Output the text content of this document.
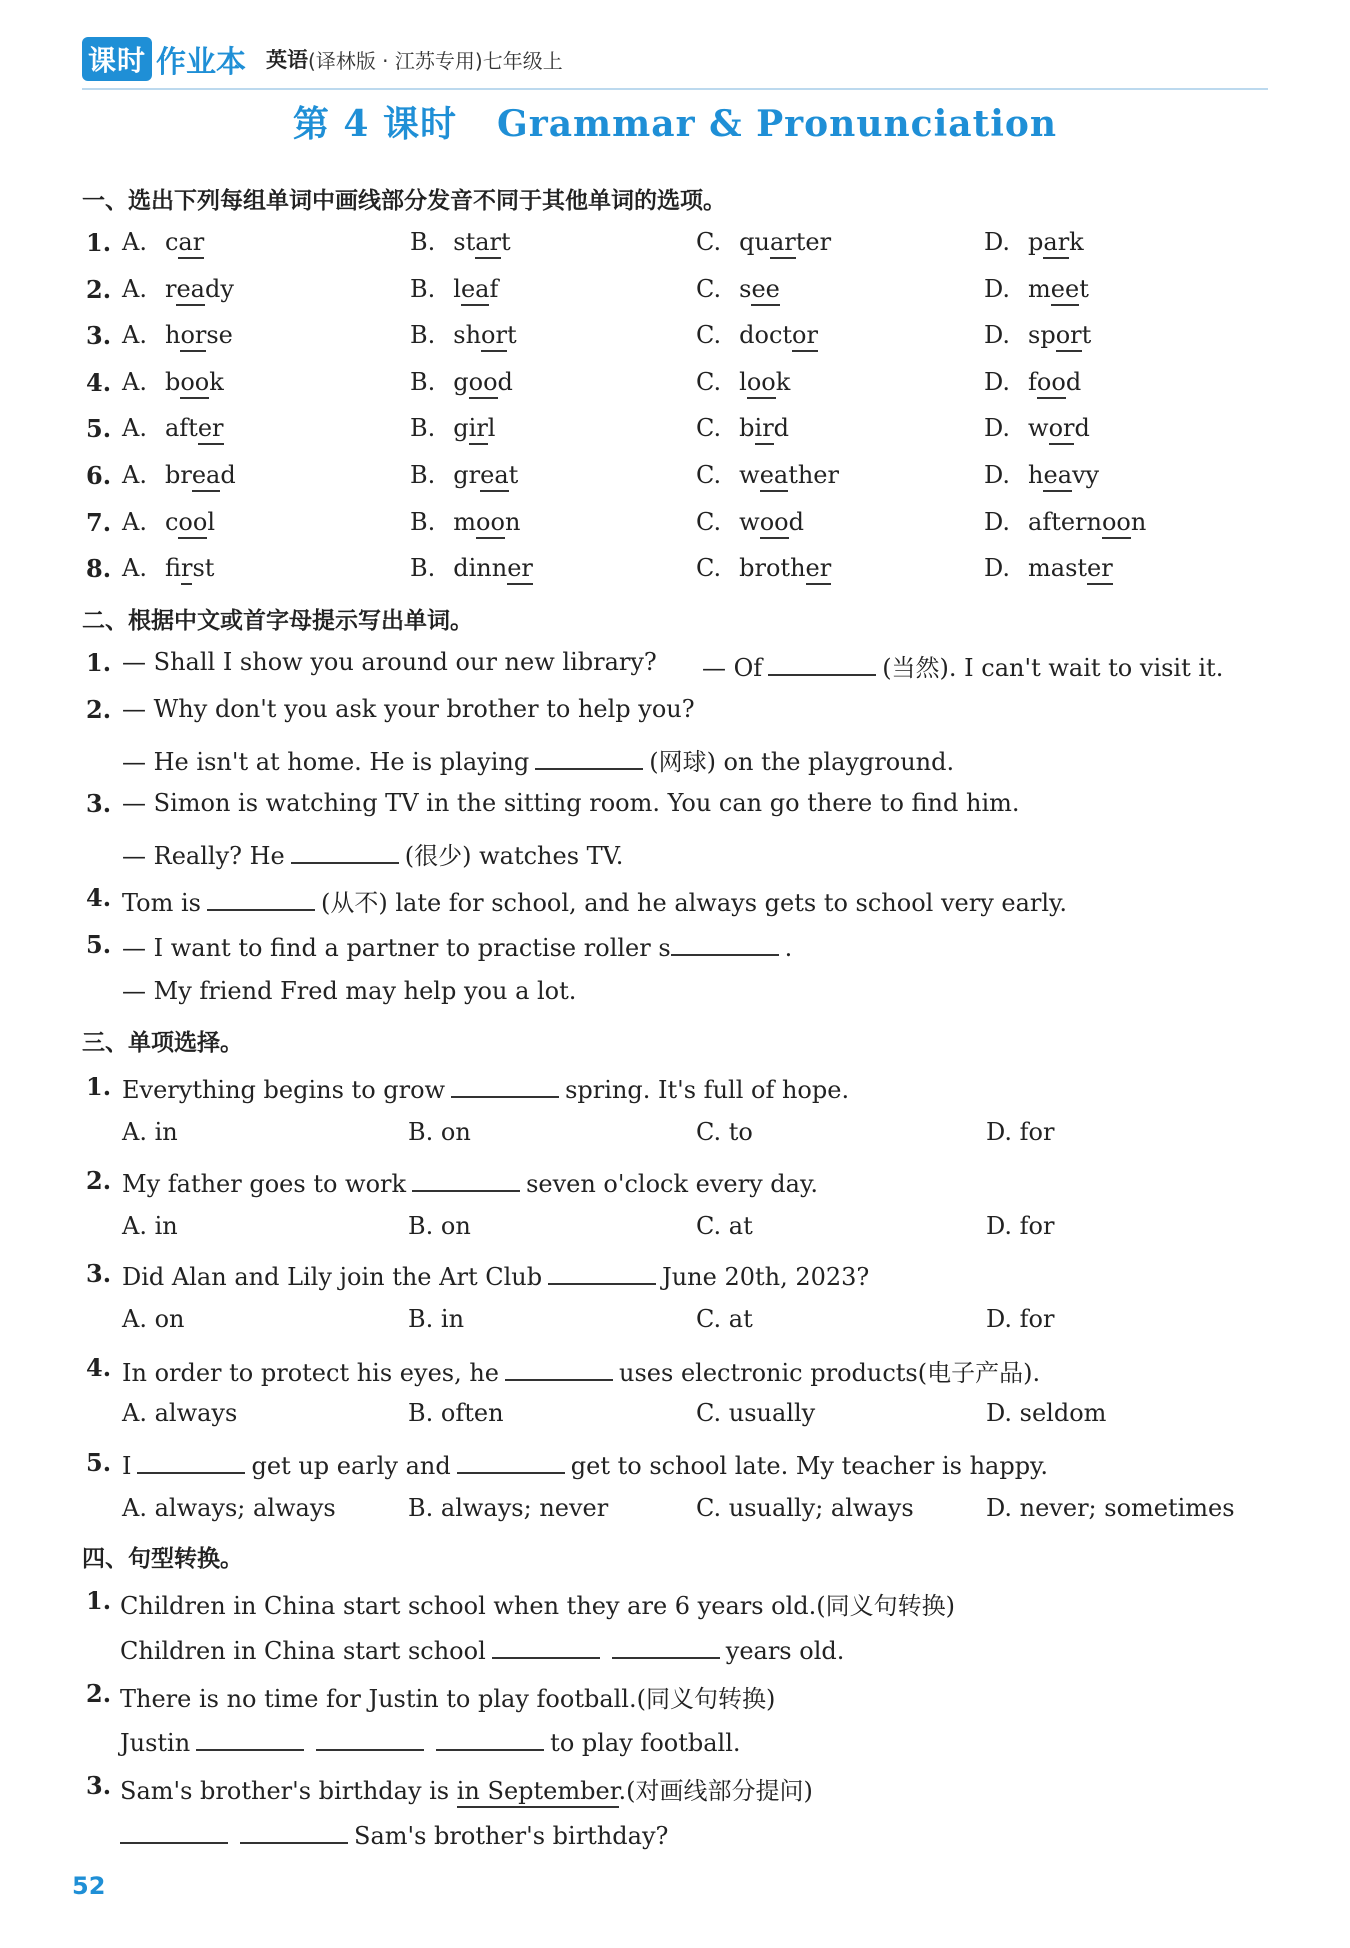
课时 作业本 英语 (译林版 · 江苏专用)七年级上
第 4 课时 Grammar & Pronunciation
一、选出下列每组单词中画线部分发音不同于其他单词的选项。
1. A. car	B. start	C. quarter	D. park
2. A. ready	B. leaf	C. see	D. meet
3. A. horse	B. short	C. doctor	D. sport
4. A. book	B. good	C. look	D. food
5. A. after	B. girl	C. bird	D. word
6. A. bread	B. great	C. weather	D. heavy
7. A. cool	B. moon	C. wood	D. afternoon
8. A. first	B. dinner	C. brother	D. master
二、根据中文或首字母提示写出单词。
1. — Shall I show you around our new library? — Of	(当然). I can't wait to visit it.
2. — Why don't you ask your brother to help you?
— He isn't at home. He is playing	(网球) on the playground.
3. — Simon is watching TV in the sitting room. You can go there to find him.
— Really? He	(很少) watches TV.
4. Tom is	(从不) late for school, and he always gets to school very early.
5. — I want to find a partner to practise roller s	.
— My friend Fred may help you a lot.
三、单项选择。
1. Everything begins to grow	spring. It's full of hope.
A. in	B. on	C. to	D. for
2. My father goes to work	seven o'clock every day.
A. in	B. on	C. at	D. for
3. Did Alan and Lily join the Art Club	June 20th, 2023?
A. on	B. in	C. at	D. for
4. In order to protect his eyes, he	uses electronic products(电子产品).
A. always	B. often	C. usually	D. seldom
5. I	get up early and	get to school late. My teacher is happy.
A. always; always	B. always; never	C. usually; always	D. never; sometimes
四、句型转换。
1. Children in China start school when they are 6 years old.(同义句转换)
Children in China start school	years old.
2. There is no time for Justin to play football.(同义句转换)
Justin	to play football.
3. Sam's brother's birthday is in September.(对画线部分提问)
Sam's brother's birthday?
52
